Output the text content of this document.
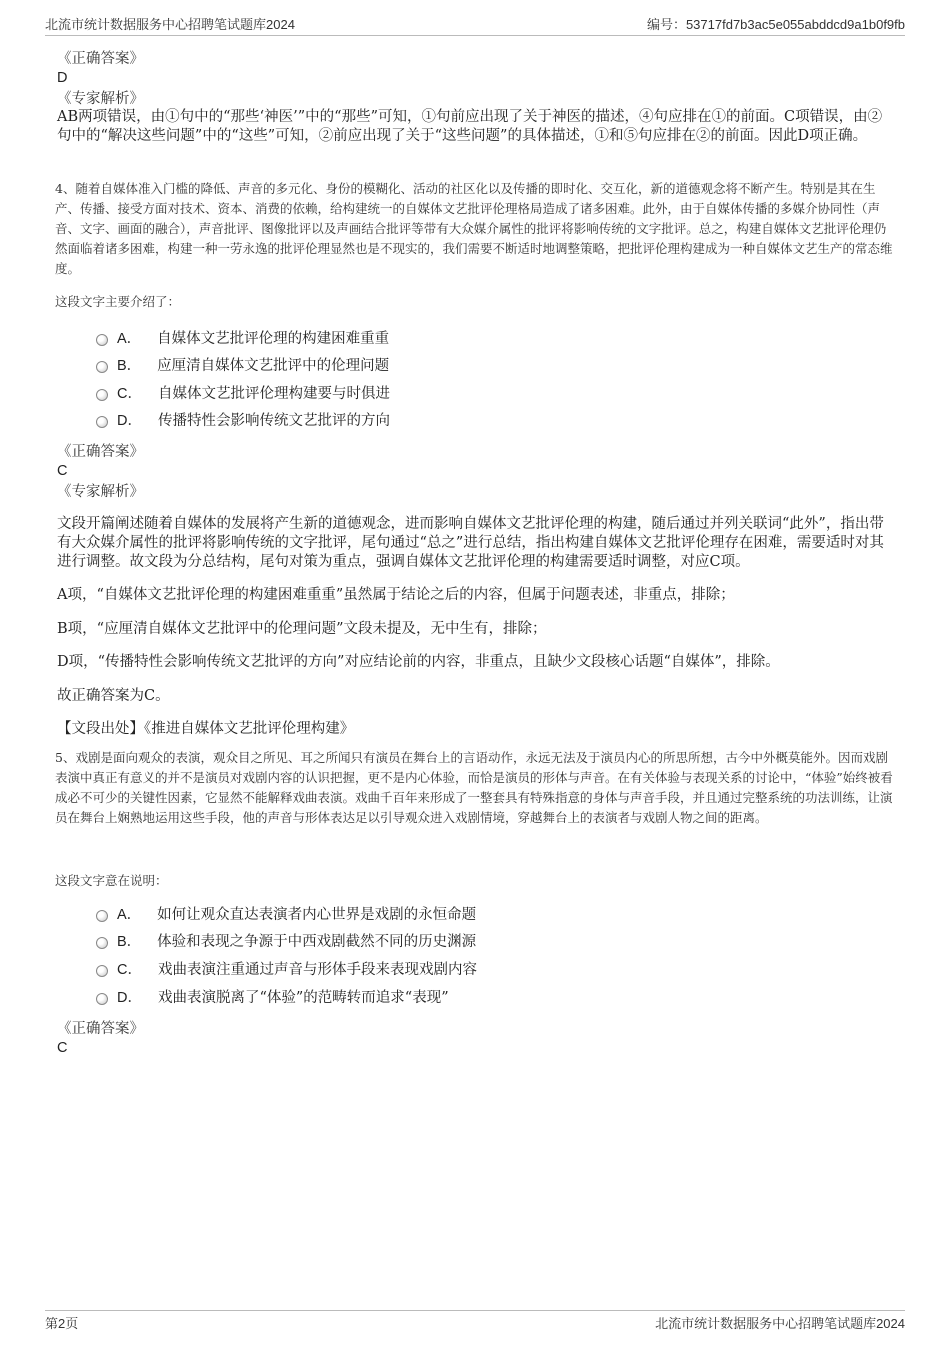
北流市统计数据服务中心招聘笔试题库2024	编号：53717fd7b3ac5e055abddcd9a1b0f9fb
《正确答案》
D
《专家解析》
AB两项错误，由①句中的“那些‘神医’”中的“那些”可知，①句前应出现了关于神医的描述，④句应排在①的前面。C项错误，由②句中的“解决这些问题”中的“这些”可知，②前应出现了关于“这些问题”的具体描述，①和⑤句应排在②的前面。因此D项正确。
4、随着自媒体准入门槛的降低、声音的多元化、身份的模糊化、活动的社区化以及传播的即时化、交互化，新的道德观念将不断产生。特别是其在生产、传播、接受方面对技术、资本、消费的依赖，给构建统一的自媒体文艺批评伦理格局造成了诸多困难。此外，由于自媒体传播的多媒介协同性（声音、文字、画面的融合），声音批评、图像批评以及声画结合批评等带有大众媒介属性的批评将影响传统的文字批评。总之，构建自媒体文艺批评伦理仍然面临着诸多困难，构建一种一劳永逸的批评伦理显然也是不现实的，我们需要不断适时地调整策略，把批评伦理构建成为一种自媒体文艺生产的常态维度。
这段文字主要介绍了：
A． 自媒体文艺批评伦理的构建困难重重
B． 应厘清自媒体文艺批评中的伦理问题
C． 自媒体文艺批评伦理构建要与时俱进
D． 传播特性会影响传统文艺批评的方向
《正确答案》
C
《专家解析》
文段开篇阐述随着自媒体的发展将产生新的道德观念，进而影响自媒体文艺批评伦理的构建，随后通过并列关联词“此外”，指出带有大众媒介属性的批评将影响传统的文字批评，尾句通过“总之”进行总结，指出构建自媒体文艺批评伦理存在困难，需要适时对其进行调整。故文段为分总结构，尾句对策为重点，强调自媒体文艺批评伦理的构建需要适时调整，对应C项。
A项，“自媒体文艺批评伦理的构建困难重重”虽然属于结论之后的内容，但属于问题表述，非重点，排除；
B项，“应厘清自媒体文艺批评中的伦理问题”文段未提及，无中生有，排除；
D项，“传播特性会影响传统文艺批评的方向”对应结论前的内容，非重点，且缺少文段核心话题“自媒体”，排除。
故正确答案为C。
【文段出处】《推进自媒体文艺批评伦理构建》
5、戏剧是面向观众的表演，观众目之所见、耳之所闻只有演员在舞台上的言语动作，永远无法及于演员内心的所思所想，古今中外概莫能外。因而戏剧表演中真正有意义的并不是演员对戏剧内容的认识把握，更不是内心体验，而恰是演员的形体与声音。在有关体验与表现关系的讨论中，“体验”始终被看成必不可少的关键性因素，它显然不能解释戏曲表演。戏曲千百年来形成了一整套具有特殊指意的身体与声音手段，并且通过完整系统的功法训练，让演员在舞台上娴熟地运用这些手段，他的声音与形体表达足以引导观众进入戏剧情境，穿越舞台上的表演者与戏剧人物之间的距离。
这段文字意在说明：
A． 如何让观众直达表演者内心世界是戏剧的永恒命题
B． 体验和表现之争源于中西戏剧截然不同的历史渊源
C． 戏曲表演注重通过声音与形体手段来表现戏剧内容
D． 戏曲表演脱离了“体验”的范畴转而追求“表现”
《正确答案》
C
第2页	北流市统计数据服务中心招聘笔试题库2024
